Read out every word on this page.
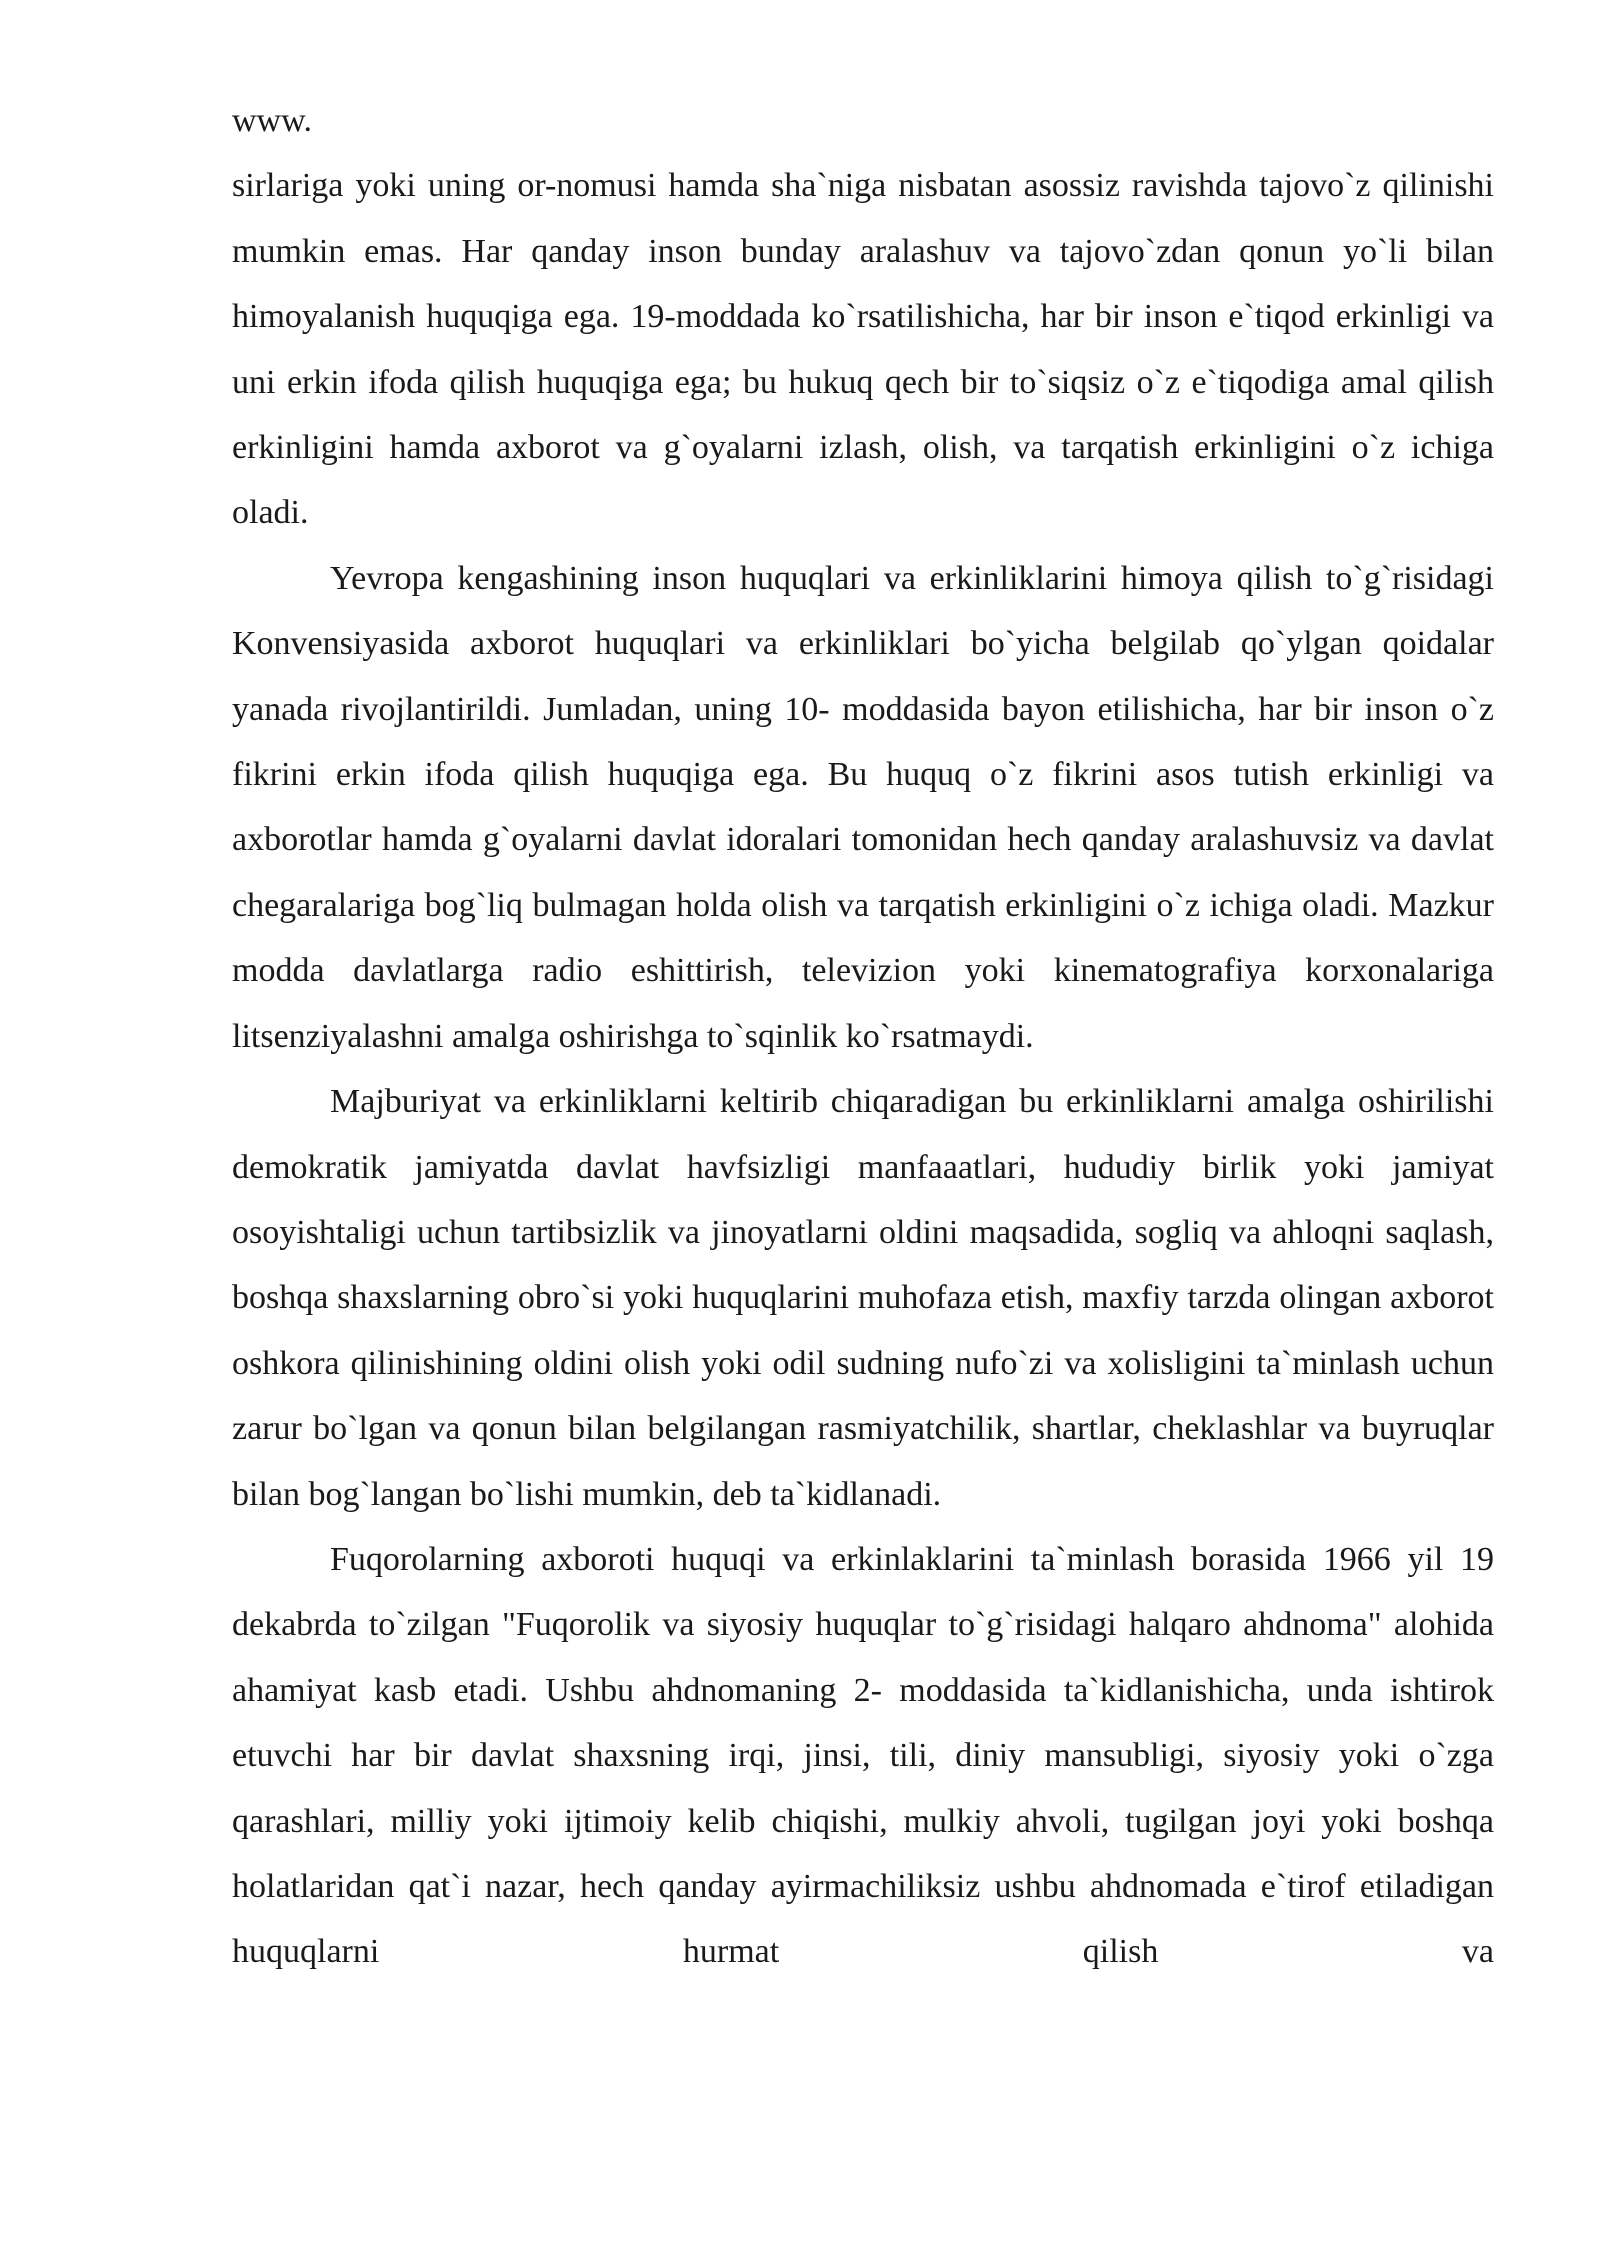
www.

sirlariga yoki uning or-nomusi hamda sha`niga nisbatan asossiz ravishda tajovo`z qilinishi mumkin emas. Har qanday inson bunday aralashuv va tajovo`zdan qonun yo`li bilan himoyalanish huquqiga ega. 19-moddada ko`rsatilishicha, har bir inson e`tiqod erkinligi va uni erkin ifoda qilish huquqiga ega; bu hukuq qech bir to`siqsiz o`z e`tiqodiga amal qilish erkinligini hamda axborot va g`oyalarni izlash, olish, va tarqatish erkinligini o`z ichiga oladi.

Yevropa kengashining inson huquqlari va erkinliklarini himoya qilish to`g`risidagi Konvensiyasida axborot huquqlari va erkinliklari bo`yicha belgilab qo`ylgan qoidalar yanada rivojlantirildi. Jumladan, uning 10- moddasida bayon etilishicha, har bir inson o`z fikrini erkin ifoda qilish huquqiga ega. Bu huquq o`z fikrini asos tutish erkinligi va axborotlar hamda g`oyalarni davlat idoralari tomonidan hech qanday aralashuvsiz va davlat chegaralariga bog`liq bulmagan holda olish va tarqatish erkinligini o`z ichiga oladi. Mazkur modda davlatlarga radio eshittirish, televizion yoki kinematografiya korxonalariga litsenziyalashni amalga oshirishga to`sqinlik ko`rsatmaydi.

Majburiyat va erkinliklarni keltirib chiqaradigan bu erkinliklarni amalga oshirilishi demokratik jamiyatda davlat havfsizligi manfaaatlari, hududiy birlik yoki jamiyat osoyishtaligi uchun tartibsizlik va jinoyatlarni oldini maqsadida, sogliq va ahloqni saqlash, boshqa shaxslarning obro`si yoki huquqlarini muhofaza etish, maxfiy tarzda olingan axborot oshkora qilinishining oldini olish yoki odil sudning nufo`zi va xolisligini ta`minlash uchun zarur bo`lgan va qonun bilan belgilangan rasmiyatchilik, shartlar, cheklashlar va buyruqlar bilan bog`langan bo`lishi mumkin, deb ta`kidlanadi.

Fuqorolarning axboroti huquqi va erkinlaklarini ta`minlash borasida 1966 yil 19 dekabrda to`zilgan "Fuqorolik va siyosiy huquqlar to`g`risidagi halqaro ahdnoma" alohida ahamiyat kasb etadi. Ushbu ahdnomaning 2- moddasida ta`kidlanishicha, unda ishtirok etuvchi har bir davlat shaxsning irqi, jinsi, tili, diniy mansubligi, siyosiy yoki o`zga qarashlari, milliy yoki ijtimoiy kelib chiqishi, mulkiy ahvoli, tugilgan joyi yoki boshqa holatlaridan qat`i nazar, hech qanday ayirmachiliksiz ushbu ahdnomada e`tirof etiladigan huquqlarni hurmat qilish va
